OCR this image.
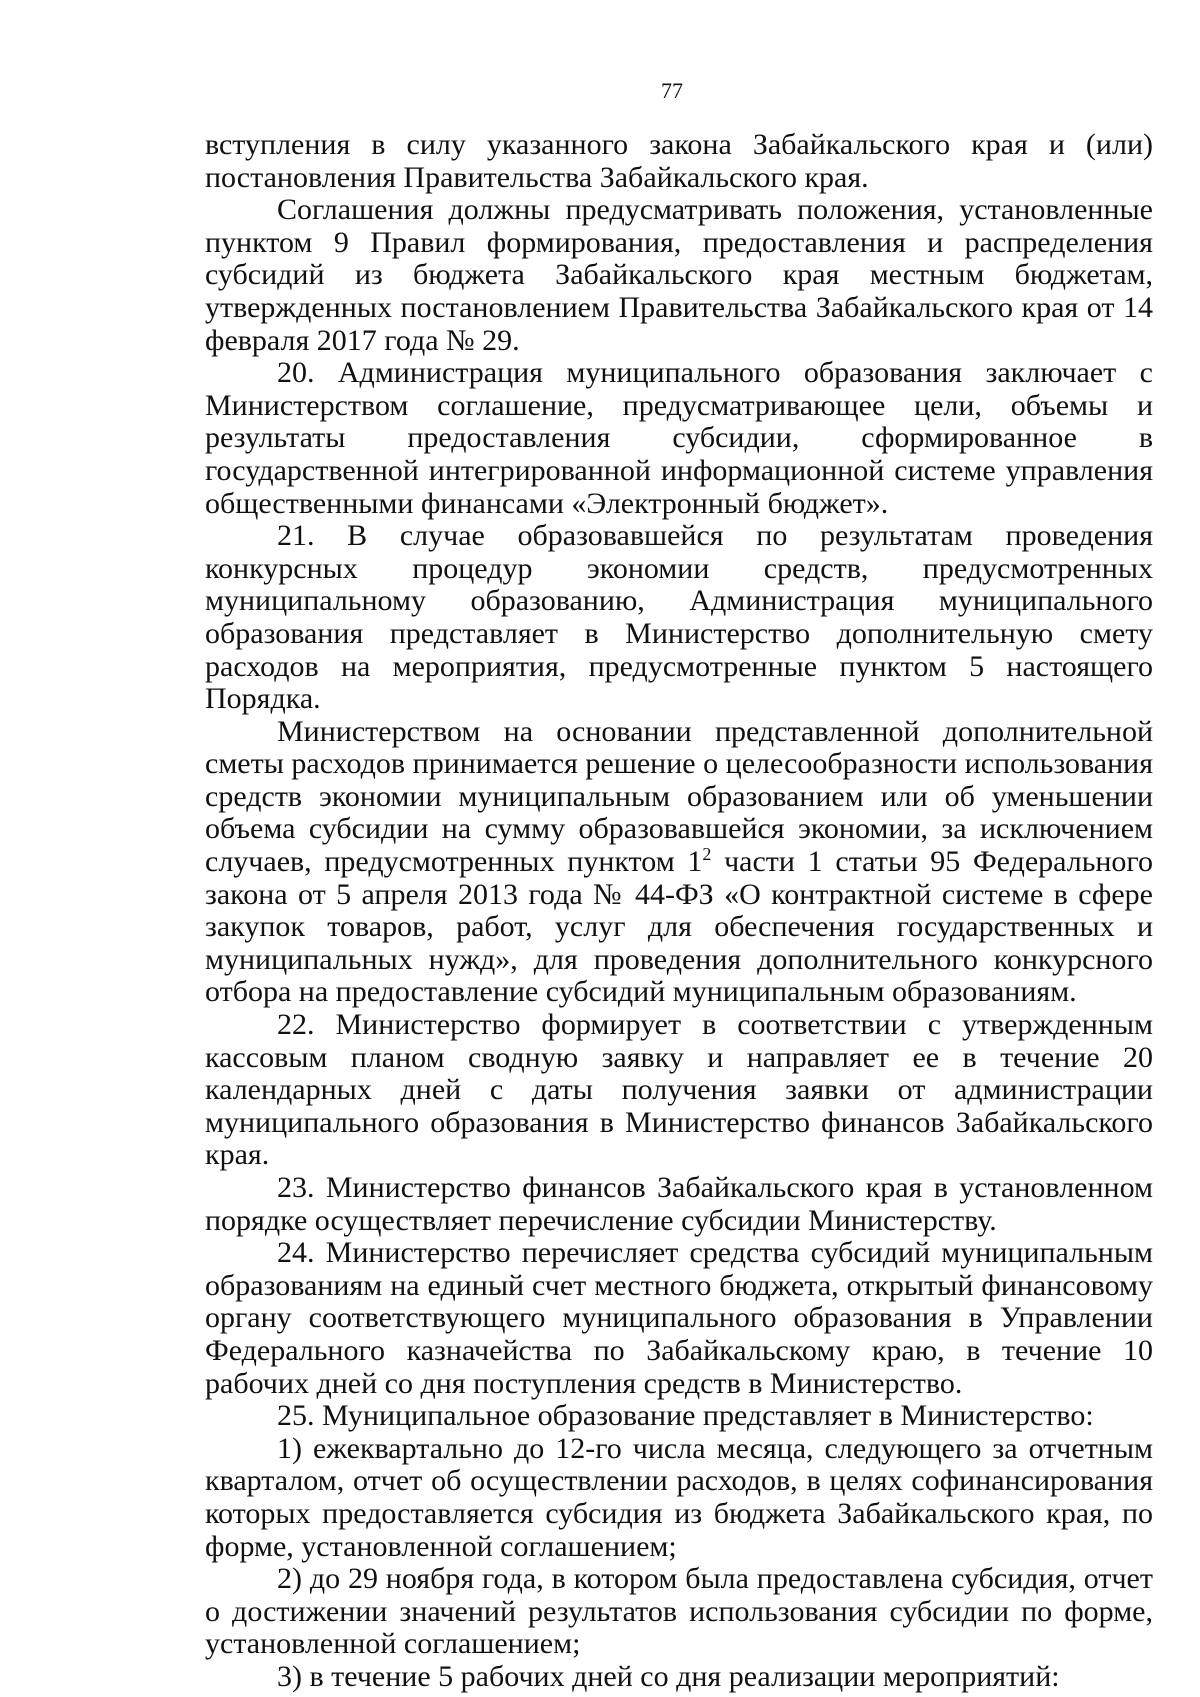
77

вступления в силу указанного закона Забайкальского края и (или) постановления Правительства Забайкальского края.

Соглашения должны предусматривать положения, установленные пунктом 9 Правил формирования, предоставления и распределения субсидий из бюджета Забайкальского края местным бюджетам, утвержденных постановлением Правительства Забайкальского края от 14 февраля 2017 года № 29.

20. Администрация муниципального образования заключает с Министерством соглашение, предусматривающее цели, объемы и результаты предоставления субсидии, сформированное в государственной интегрированной информационной системе управления общественными финансами «Электронный бюджет».

21. В случае образовавшейся по результатам проведения конкурсных процедур экономии средств, предусмотренных муниципальному образованию, Администрация муниципального образования представляет в Министерство дополнительную смету расходов на мероприятия, предусмотренные пунктом 5 настоящего Порядка.

Министерством на основании представленной дополнительной сметы расходов принимается решение о целесообразности использования средств экономии муниципальным образованием или об уменьшении объема субсидии на сумму образовавшейся экономии, за исключением случаев, предусмотренных пунктом $1^2$ части 1 статьи 95 Федерального закона от 5 апреля 2013 года № 44-ФЗ «О контрактной системе в сфере закупок товаров, работ, услуг для обеспечения государственных и муниципальных нужд», для проведения дополнительного конкурсного отбора на предоставление субсидий муниципальным образованиям.

22. Министерство формирует в соответствии с утвержденным кассовым планом сводную заявку и направляет ее в течение 20 календарных дней с даты получения заявки от администрации муниципального образования в Министерство финансов Забайкальского края.

23. Министерство финансов Забайкальского края в установленном порядке осуществляет перечисление субсидии Министерству.

24. Министерство перечисляет средства субсидий муниципальным образованиям на единый счет местного бюджета, открытый финансовому органу соответствующего муниципального образования в Управлении Федерального казначейства по Забайкальскому краю, в течение 10 рабочих дней со дня поступления средств в Министерство.

25. Муниципальное образование представляет в Министерство:

1) ежеквартально до 12-го числа месяца, следующего за отчетным кварталом, отчет об осуществлении расходов, в целях софинансирования которых предоставляется субсидия из бюджета Забайкальского края, по форме, установленной соглашением;

2) до 29 ноября года, в котором была предоставлена субсидия, отчет о достижении значений результатов использования субсидии по форме, установленной соглашением;

3) в течение 5 рабочих дней со дня реализации мероприятий:
